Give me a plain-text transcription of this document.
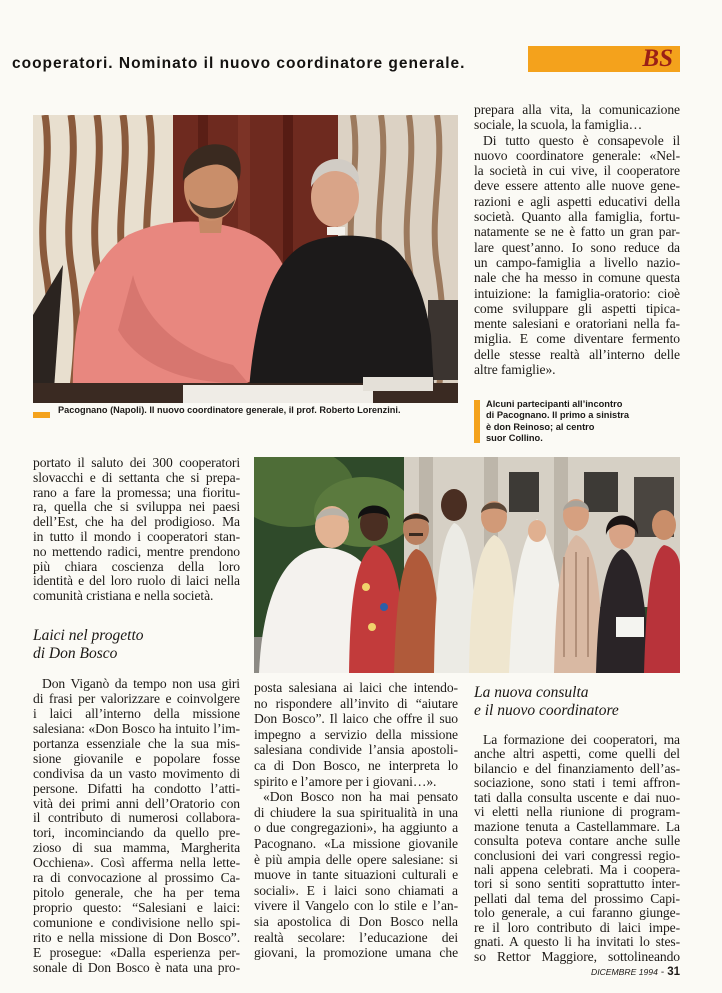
cooperatori. Nominato il nuovo coordinatore generale.	BS
Pacognano (Napoli). Il nuovo coordinatore generale, il prof. Roberto Lorenzini.
prepara alla vita, la comunicazione
sociale, la scuola, la famiglia…
Di tutto questo è consapevole il
nuovo coordinatore generale: «Nel-
la società in cui vive, il cooperatore
deve essere attento alle nuove gene-
razioni e agli aspetti educativi della
società. Quanto alla famiglia, fortu-
natamente se ne è fatto un gran par-
lare quest’anno. Io sono reduce da
un campo-famiglia a livello nazio-
nale che ha messo in comune questa
intuizione: la famiglia-oratorio: cioè
come sviluppare gli aspetti tipica-
mente salesiani e oratoriani nella fa-
miglia. E come diventare fermento
delle stesse realtà all’interno delle
altre famiglie».
Alcuni partecipanti all’incontro
di Pacognano. Il primo a sinistra
è don Reinoso; al centro
suor Collino.
portato il saluto dei 300 cooperatori
slovacchi e di settanta che si prepa-
rano a fare la promessa; una fioritu-
ra, quella che si sviluppa nei paesi
dell’Est, che ha del prodigioso. Ma
in tutto il mondo i cooperatori stan-
no mettendo radici, mentre prendono
più chiara coscienza della loro
identità e del loro ruolo di laici nella
comunità cristiana e nella società.
Laici nel progetto
di Don Bosco
Don Viganò da tempo non usa giri
di frasi per valorizzare e coinvolgere
i laici all’interno della missione
salesiana: «Don Bosco ha intuito l’im-
portanza essenziale che la sua mis-
sione giovanile e popolare fosse
condivisa da un vasto movimento di
persone. Difatti ha condotto l’atti-
vità dei primi anni dell’Oratorio con
il contributo di numerosi collabora-
tori, incominciando da quello pre-
zioso di sua mamma, Margherita
Occhiena». Così afferma nella lette-
ra di convocazione al prossimo Ca-
pitolo generale, che ha per tema
proprio questo: “Salesiani e laici:
comunione e condivisione nello spi-
rito e nella missione di Don Bosco”.
E prosegue: «Dalla esperienza per-
sonale di Don Bosco è nata una pro-
posta salesiana ai laici che intendo-
no rispondere all’invito di “aiutare
Don Bosco”. Il laico che offre il suo
impegno a servizio della missione
salesiana condivide l’ansia apostoli-
ca di Don Bosco, ne interpreta lo
spirito e l’amore per i giovani…».
«Don Bosco non ha mai pensato
di chiudere la sua spiritualità in una
o due congregazioni», ha aggiunto a
Pacognano. «La missione giovanile
è più ampia delle opere salesiane: si
muove in tante situazioni culturali e
sociali». E i laici sono chiamati a
vivere il Vangelo con lo stile e l’an-
sia apostolica di Don Bosco nella
realtà secolare: l’educazione dei
giovani, la promozione umana che
La nuova consulta
e il nuovo coordinatore
La formazione dei cooperatori, ma
anche altri aspetti, come quelli del
bilancio e del finanziamento dell’as-
sociazione, sono stati i temi affron-
tati dalla consulta uscente e dai nuo-
vi eletti nella riunione di program-
mazione tenuta a Castellammare. La
consulta poteva contare anche sulle
conclusioni dei vari congressi regio-
nali appena celebrati. Ma i coopera-
tori si sono sentiti soprattutto inter-
pellati dal tema del prossimo Capi-
tolo generale, a cui faranno giunge-
re il loro contributo di laici impe-
gnati. A questo li ha invitati lo stes-
so Rettor Maggiore, sottolineando
DICEMBRE 1994 - 31
